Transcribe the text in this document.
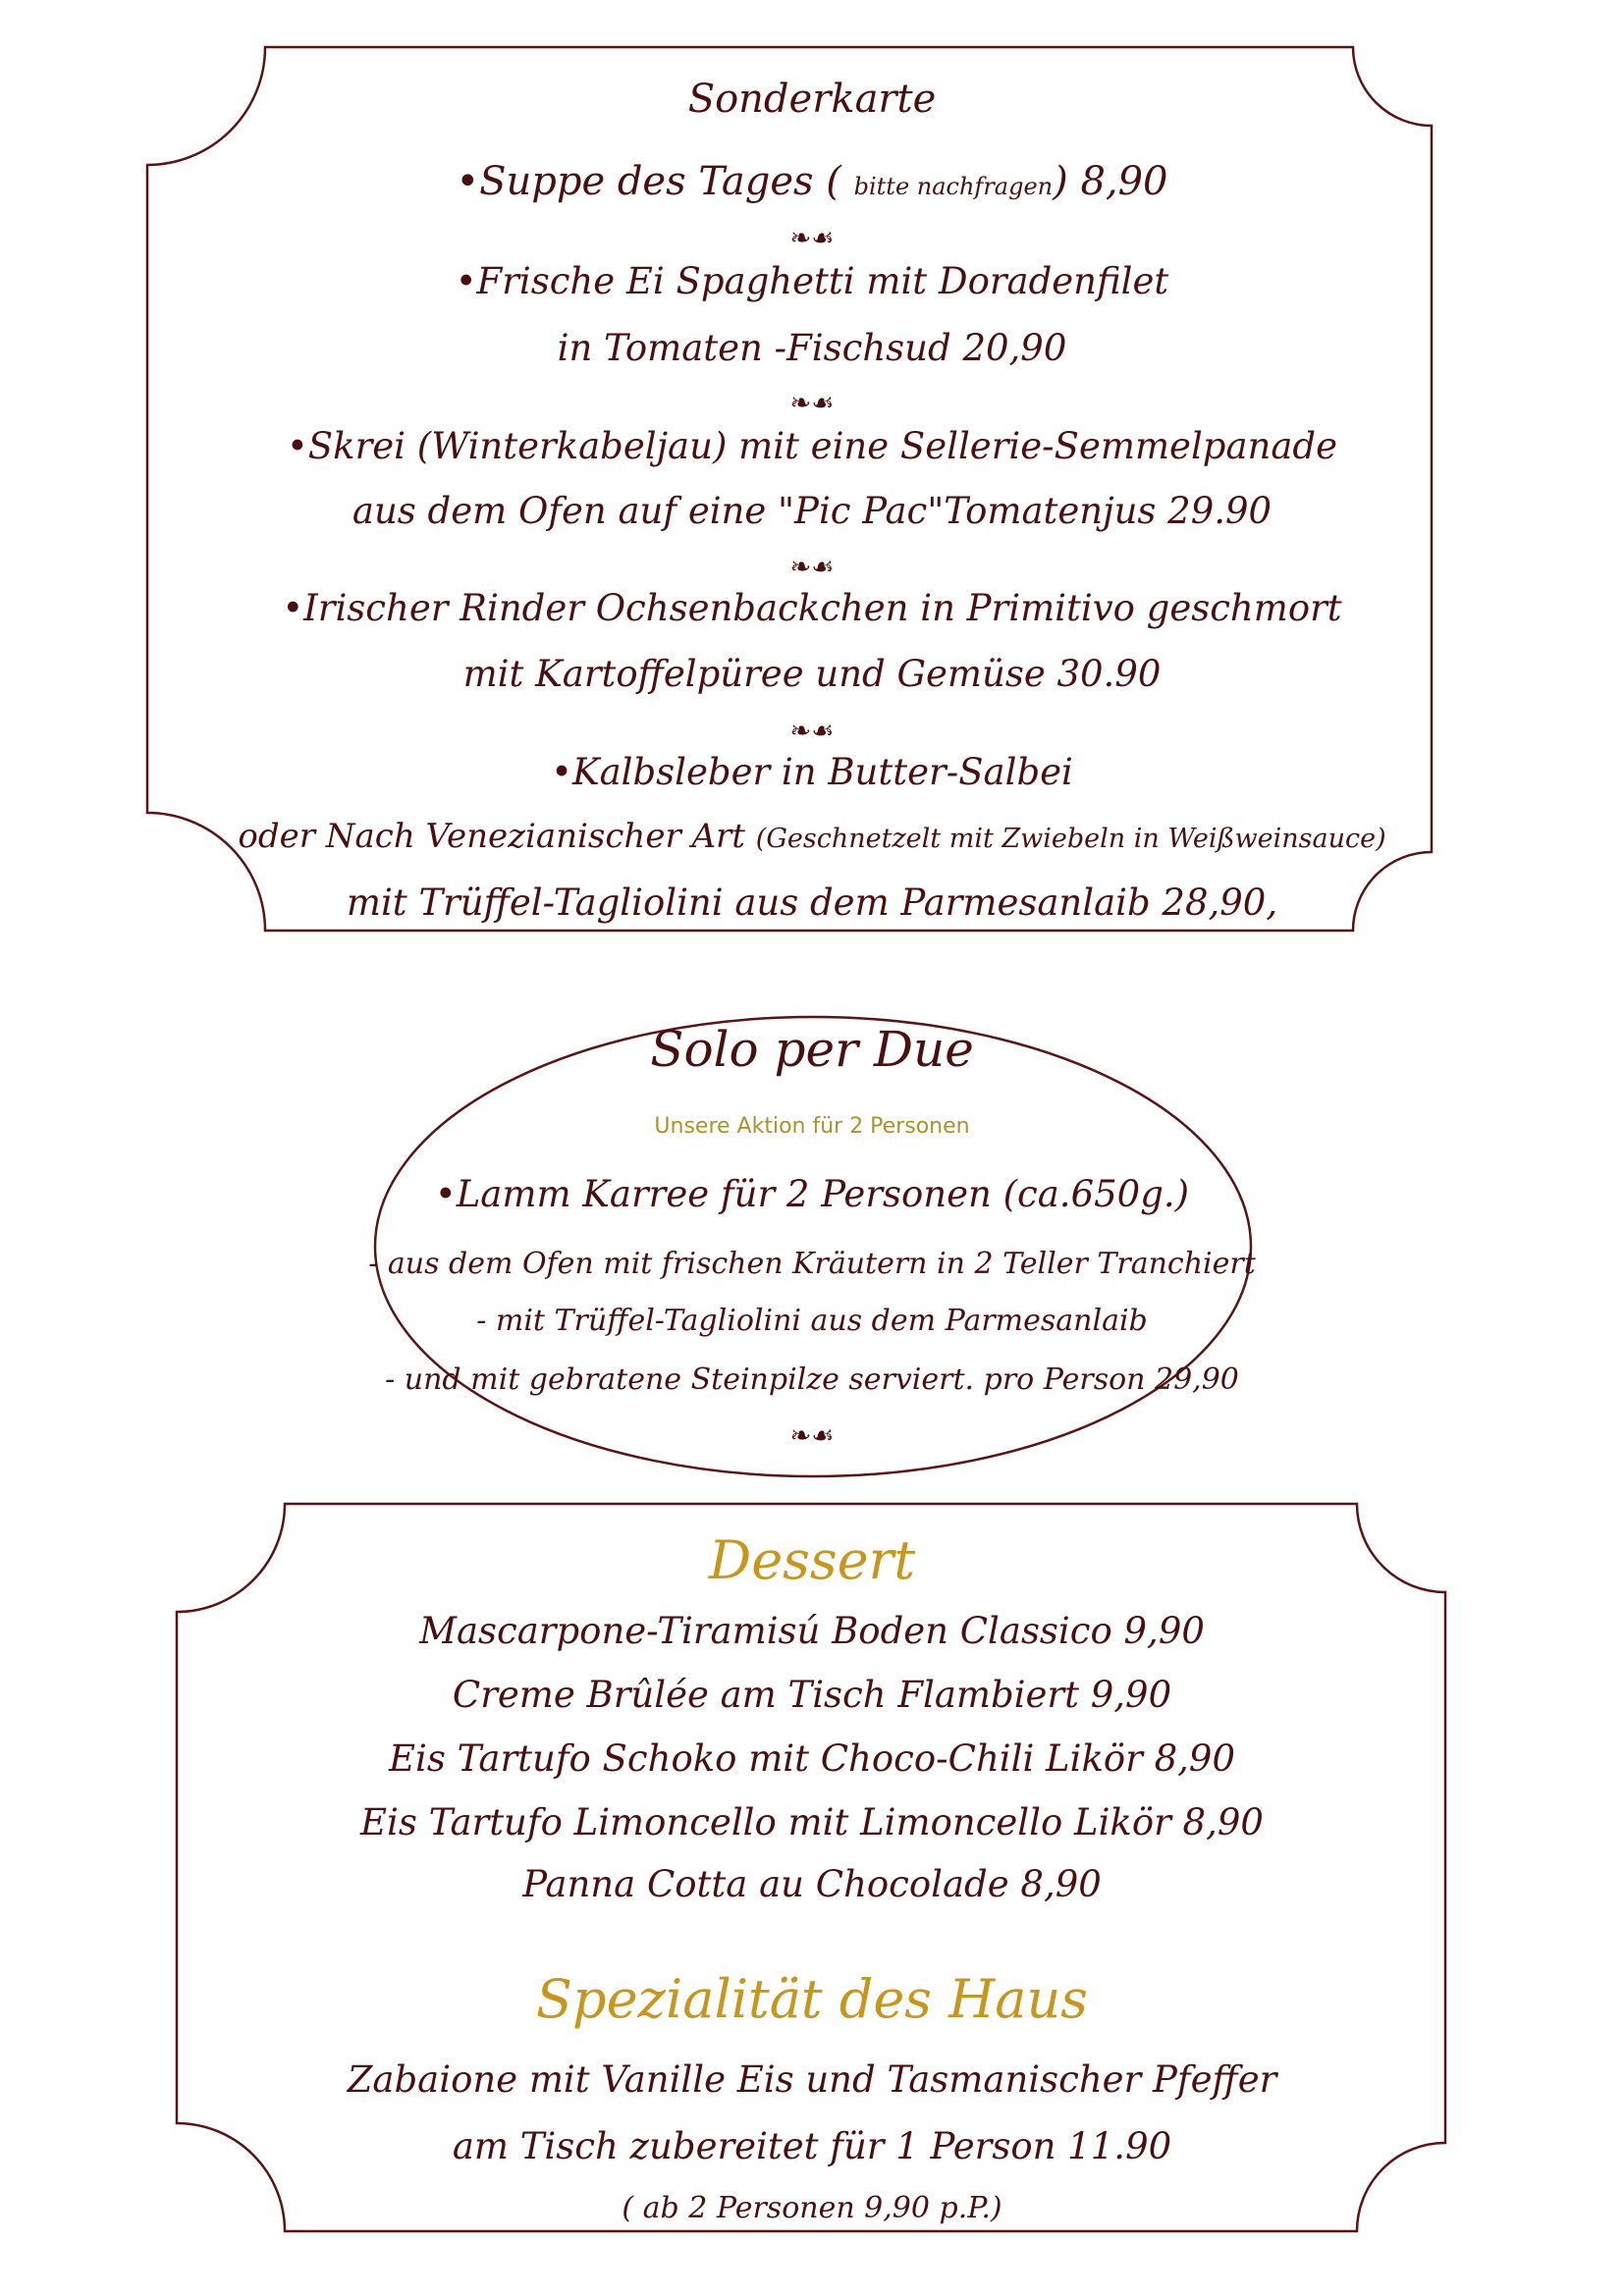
Sonderkarte
•Suppe des Tages ( bitte nachfragen) 8,90
❧☙
•Frische Ei Spaghetti mit Doradenfilet
in Tomaten -Fischsud 20,90
❧☙
•Skrei (Winterkabeljau) mit eine Sellerie-Semmelpanade
aus dem Ofen auf eine "Pic Pac"Tomatenjus 29.90
❧☙
•Irischer Rinder Ochsenbackchen in Primitivo geschmort
mit Kartoffelpüree und Gemüse 30.90
❧☙
•Kalbsleber in Butter-Salbei
oder Nach Venezianischer Art (Geschnetzelt mit Zwiebeln in Weißweinsauce)
mit Trüffel-Tagliolini aus dem Parmesanlaib 28,90,
Solo per Due
Unsere Aktion für 2 Personen
•Lamm Karree für 2 Personen (ca.650g.)
- aus dem Ofen mit frischen Kräutern in 2 Teller Tranchiert
- mit Trüffel-Tagliolini aus dem Parmesanlaib
- und mit gebratene Steinpilze serviert. pro Person 29,90
❧☙
Dessert
Mascarpone-Tiramisú Boden Classico 9,90
Creme Brûlée am Tisch Flambiert 9,90
Eis Tartufo Schoko mit Choco-Chili Likör 8,90
Eis Tartufo Limoncello mit Limoncello Likör 8,90
Panna Cotta au Chocolade 8,90
Spezialität des Haus
Zabaione mit Vanille Eis und Tasmanischer Pfeffer
am Tisch zubereitet für 1 Person 11.90
( ab 2 Personen 9,90 p.P.)
